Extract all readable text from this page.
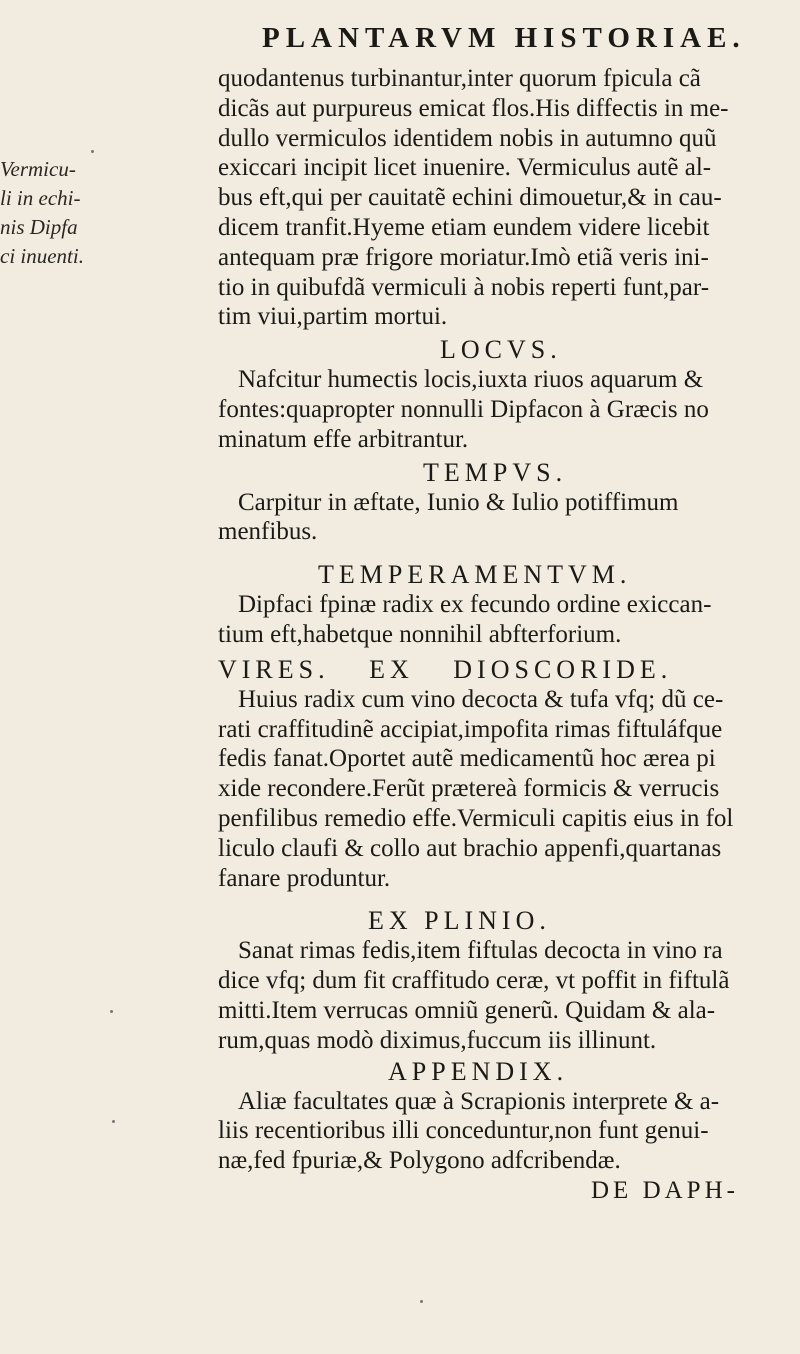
PLANTARVM HISTORIAE.
Vermicu-
li in echi-
nis Dipfa
ci inuenti.

quodantenus turbinantur,inter quorum fpicula cã
dicãs aut purpureus emicat flos.His diffectis in me-
dullo vermiculos identidem nobis in autumno quũ
exiccari incipit licet inuenire. Vermiculus autẽ al-
bus eft,qui per cauitatẽ echini dimouetur,& in cau-
dicem tranfit.Hyeme etiam eundem videre licebit
antequam præ frigore moriatur.Imò etiã veris ini-
tio in quibufdã vermiculi à nobis reperti funt,par-
tim viui,partim mortui.

LOCVS.

Nafcitur humectis locis,iuxta riuos aquarum &
fontes:quapropter nonnulli Dipfacon à Græcis no
minatum effe arbitrantur.

TEMPVS.

Carpitur in æftate, Iunio & Iulio potiffimum
menfibus.

TEMPERAMENTVM.

Dipfaci fpinæ radix ex fecundo ordine exiccan-
tium eft,habetque nonnihil abfterforium.

VIRES. EX DIOSCORIDE.

Huius radix cum vino decocta & tufa vfq; dũ ce-
rati craffitudinẽ accipiat,impofita rimas fiftuláfque
fedis fanat.Oportet autẽ medicamentũ hoc ærea pi
xide recondere.Ferũt prætereà formicis & verrucis
penfilibus remedio effe.Vermiculi capitis eius in fol
liculo claufi & collo aut brachio appenfi,quartanas
fanare produntur.

EX PLINIO.

Sanat rimas fedis,item fiftulas decocta in vino ra
dice vfq; dum fit craffitudo ceræ, vt poffit in fiftulã
mitti.Item verrucas omniũ generũ. Quidam & ala-
rum,quas modò diximus,fuccum iis illinunt.

APPENDIX.

Aliæ facultates quæ à Scrapionis interprete & a-
liis recentioribus illi conceduntur,non funt genui-
næ,fed fpuriæ,& Polygono adfcribendæ.

DE DAPH-
